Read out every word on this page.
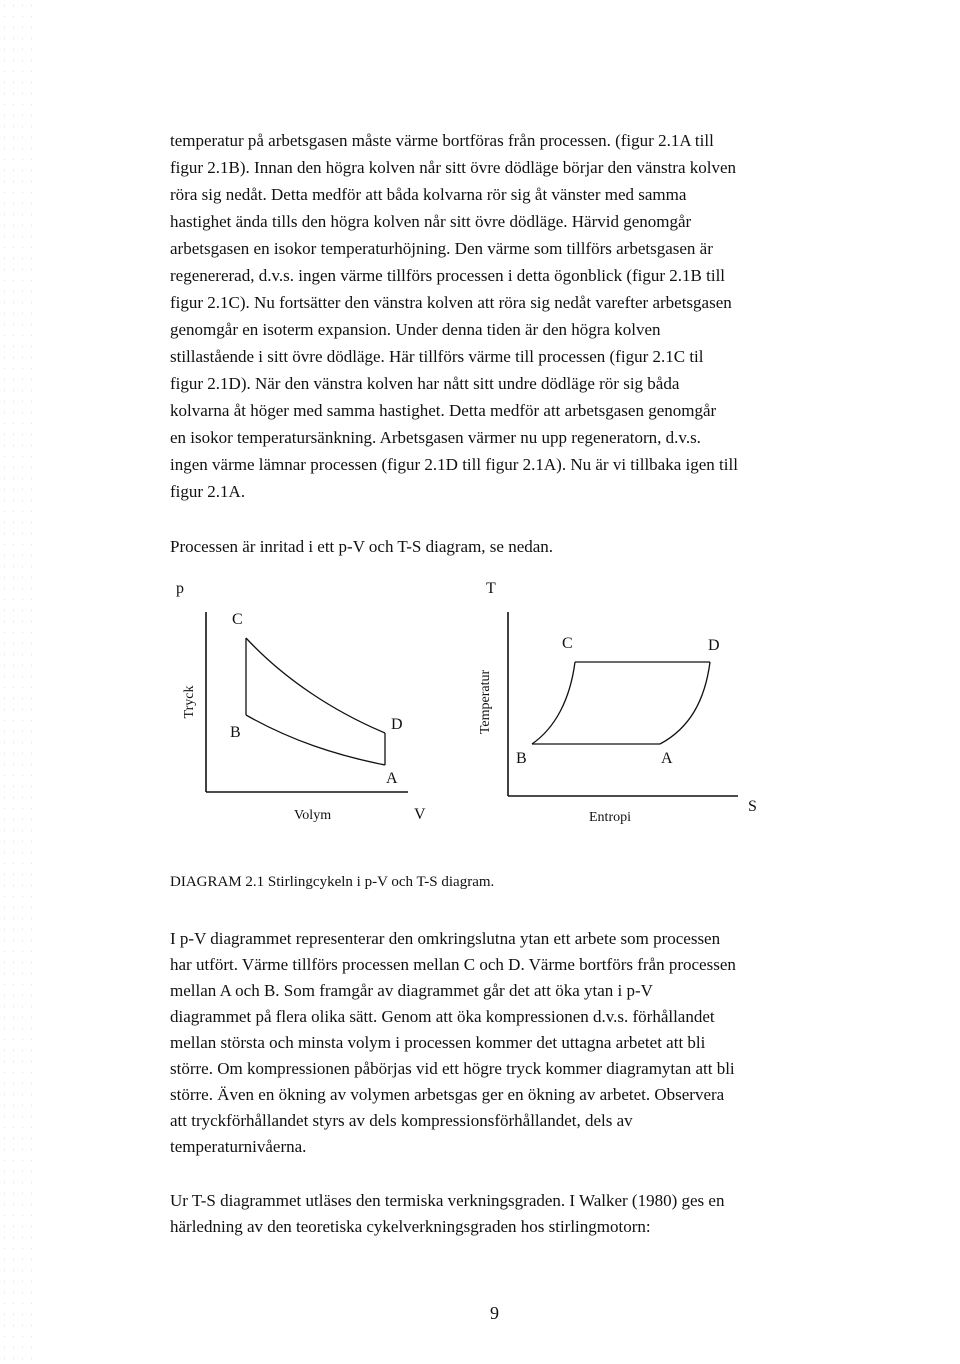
temperatur på arbetsgasen måste värme bortföras från processen. (figur 2.1A till
figur 2.1B). Innan den högra kolven når sitt övre dödläge börjar den vänstra kolven
röra sig nedåt. Detta medför att båda kolvarna rör sig åt vänster med samma
hastighet ända tills den högra kolven når sitt övre dödläge. Härvid genomgår
arbetsgasen en isokor temperaturhöjning. Den värme som tillförs arbetsgasen är
regenererad, d.v.s. ingen värme tillförs processen i detta ögonblick (figur 2.1B till
figur 2.1C). Nu fortsätter den vänstra kolven att röra sig nedåt varefter arbetsgasen
genomgår en isoterm expansion. Under denna tiden är den högra kolven
stillastående i sitt övre dödläge. Här tillförs värme till processen (figur 2.1C til
figur 2.1D). När den vänstra kolven har nått sitt undre dödläge rör sig båda
kolvarna åt höger med samma hastighet. Detta medför att arbetsgasen genomgår
en isokor temperatursänkning. Arbetsgasen värmer nu upp regeneratorn, d.v.s.
ingen värme lämnar processen (figur 2.1D till figur 2.1A). Nu är vi tillbaka igen till
figur 2.1A.
Processen är inritad i ett p-V och T-S diagram, se nedan.
p
C
B	D
A
Tryck
Volym	V
T
C	D
B	A
Temperatur
Entropi
S
DIAGRAM 2.1 Stirlingcykeln i p-V och T-S diagram.
I p-V diagrammet representerar den omkringslutna ytan ett arbete som processen
har utfört. Värme tillförs processen mellan C och D. Värme bortförs från processen
mellan A och B. Som framgår av diagrammet går det att öka ytan i p-V
diagrammet på flera olika sätt. Genom att öka kompressionen d.v.s. förhållandet
mellan största och minsta volym i processen kommer det uttagna arbetet att bli
större. Om kompressionen påbörjas vid ett högre tryck kommer diagramytan att bli
större. Även en ökning av volymen arbetsgas ger en ökning av arbetet. Observera
att tryckförhållandet styrs av dels kompressionsförhållandet, dels av
temperaturnivåerna.
Ur T-S diagrammet utläses den termiska verkningsgraden. I Walker (1980) ges en
härledning av den teoretiska cykelverkningsgraden hos stirlingmotorn:
9
